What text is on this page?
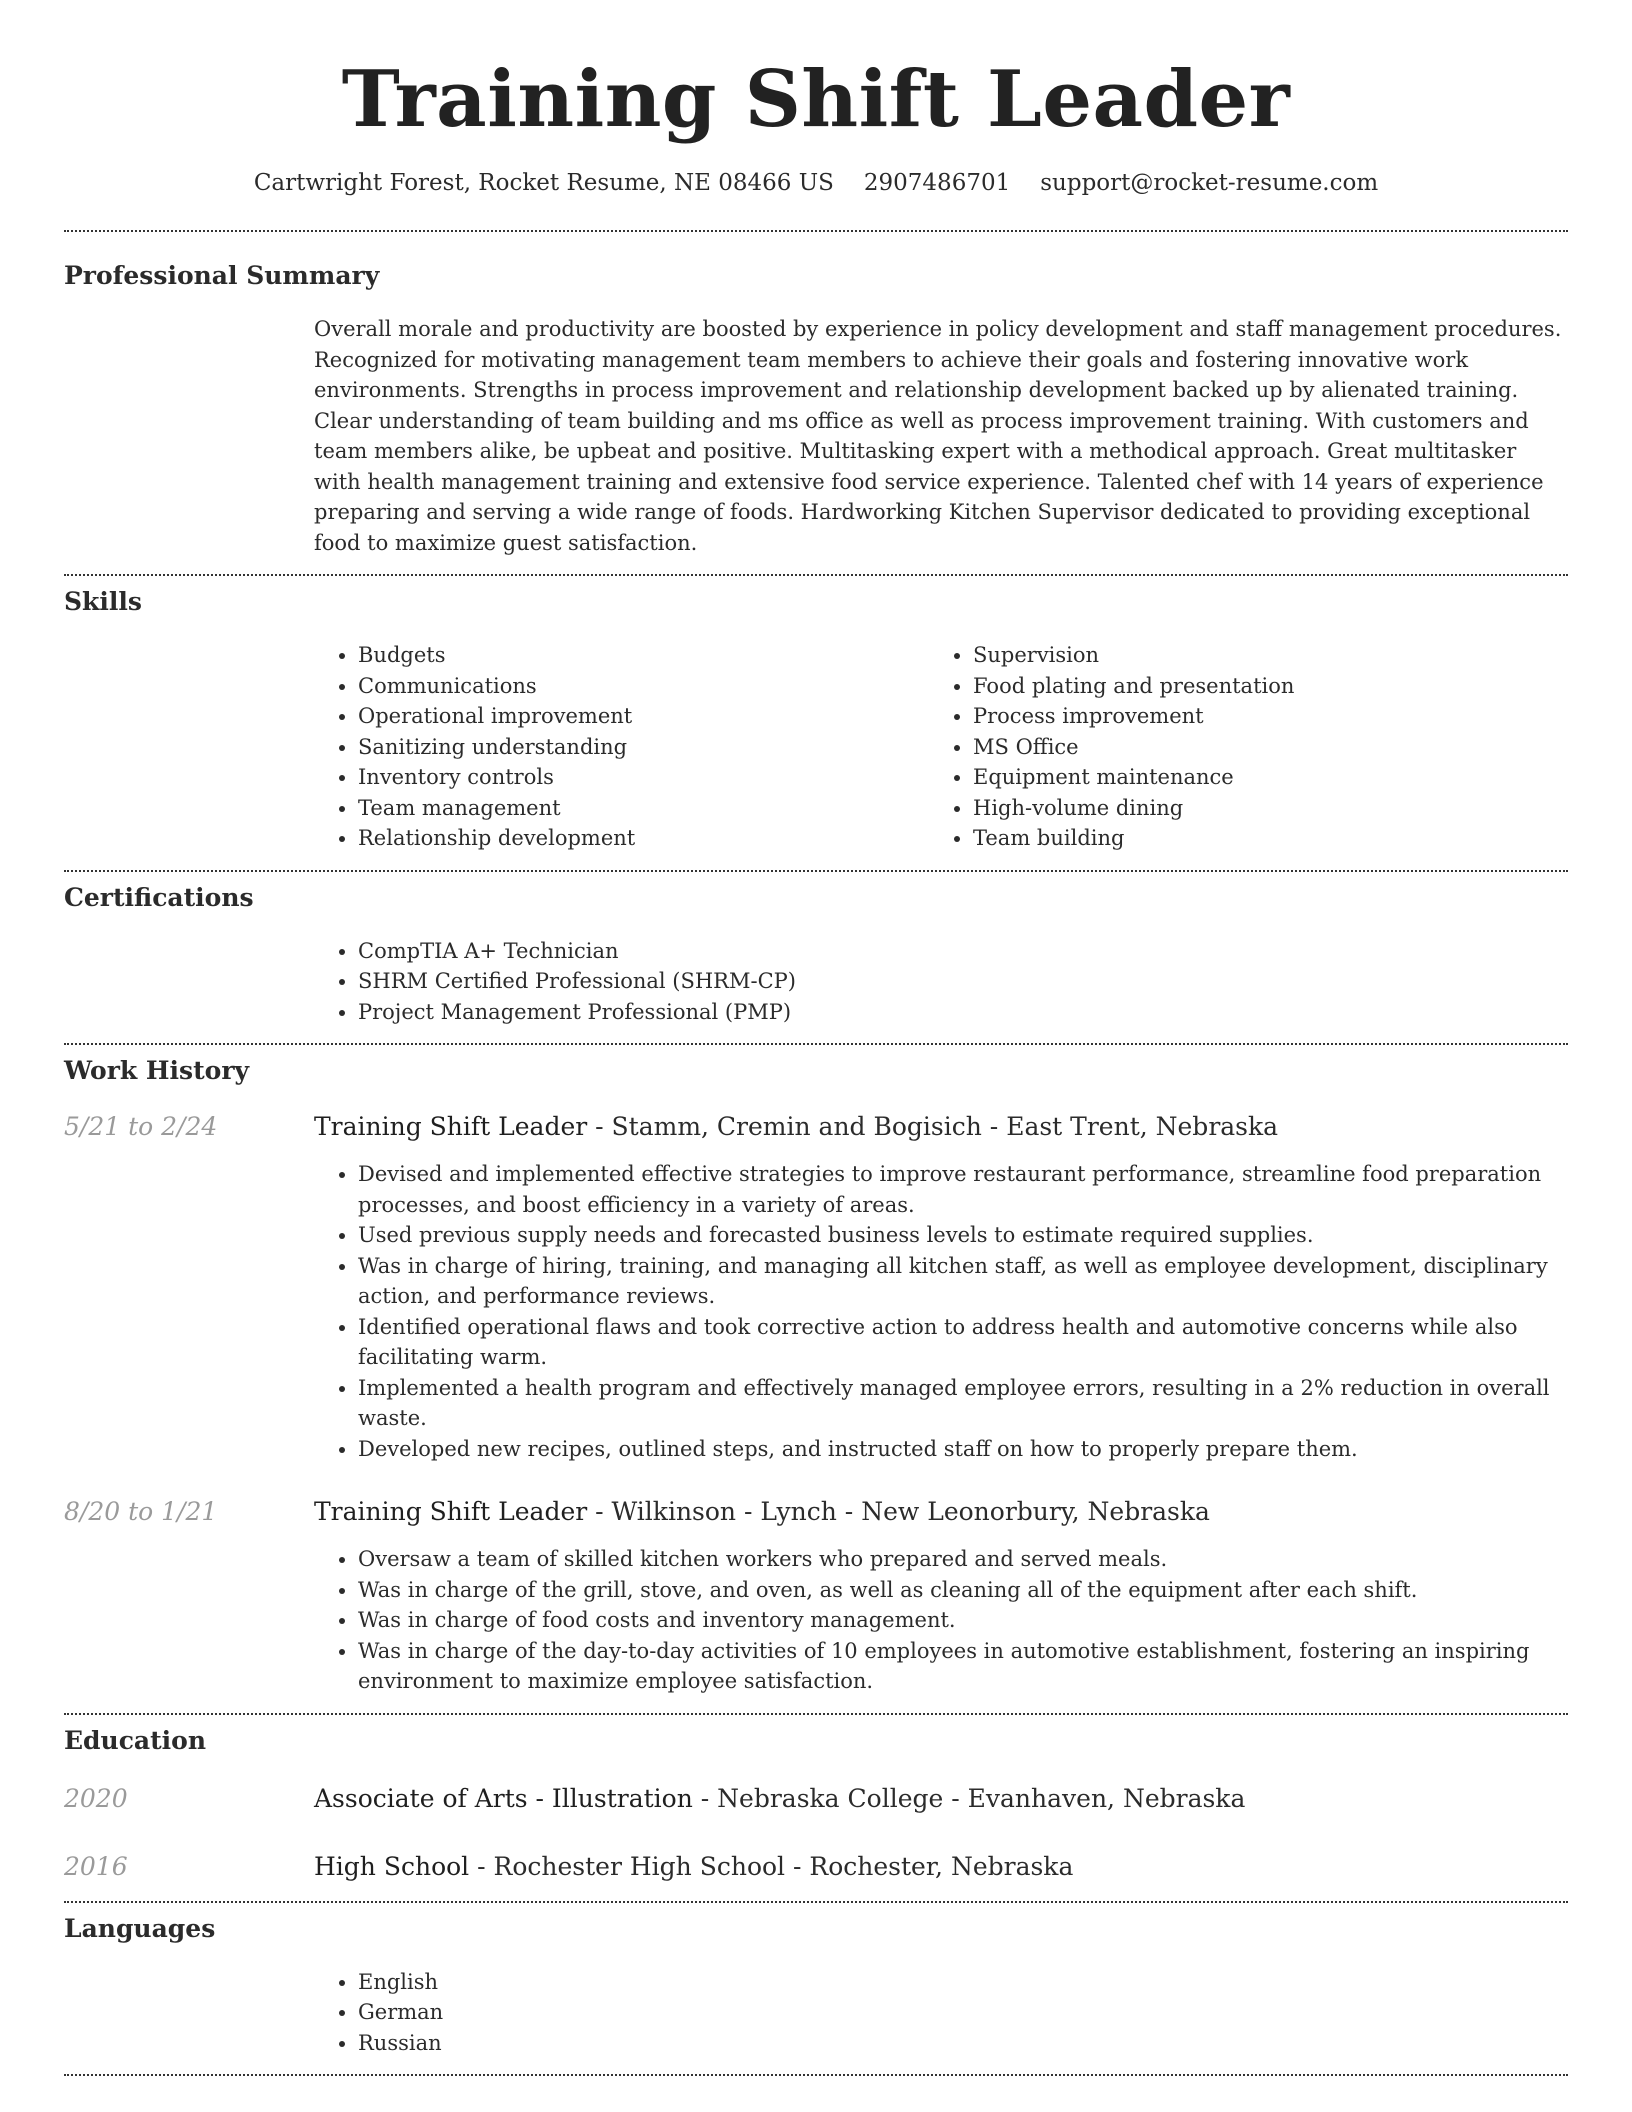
Training Shift Leader
Cartwright Forest, Rocket Resume, NE 08466 US 2907486701 support@rocket-resume.com
Professional Summary

Overall morale and productivity are boosted by experience in policy development and staff management procedures. Recognized for motivating management team members to achieve their goals and fostering innovative work environments. Strengths in process improvement and relationship development backed up by alienated training. Clear understanding of team building and ms office as well as process improvement training. With customers and team members alike, be upbeat and positive. Multitasking expert with a methodical approach. Great multitasker with health management training and extensive food service experience. Talented chef with 14 years of experience preparing and serving a wide range of foods. Hardworking Kitchen Supervisor dedicated to providing exceptional food to maximize guest satisfaction.

Skills
• Budgets
• Communications
• Operational improvement
• Sanitizing understanding
• Inventory controls
• Team management
• Relationship development
• Supervision
• Food plating and presentation
• Process improvement
• MS Office
• Equipment maintenance
• High-volume dining
• Team building
Certifications
• CompTIA A+ Technician
• SHRM Certified Professional (SHRM-CP)
• Project Management Professional (PMP)
Work History
5/21 to 2/24	Training Shift Leader - Stamm, Cremin and Bogisich - East Trent, Nebraska
• Devised and implemented effective strategies to improve restaurant performance, streamline food preparation processes, and boost efficiency in a variety of areas.
• Used previous supply needs and forecasted business levels to estimate required supplies.
• Was in charge of hiring, training, and managing all kitchen staff, as well as employee development, disciplinary action, and performance reviews.
• Identified operational flaws and took corrective action to address health and automotive concerns while also facilitating warm.
• Implemented a health program and effectively managed employee errors, resulting in a 2% reduction in overall waste.
• Developed new recipes, outlined steps, and instructed staff on how to properly prepare them.
8/20 to 1/21	Training Shift Leader - Wilkinson - Lynch - New Leonorbury, Nebraska
• Oversaw a team of skilled kitchen workers who prepared and served meals.
• Was in charge of the grill, stove, and oven, as well as cleaning all of the equipment after each shift.
• Was in charge of food costs and inventory management.
• Was in charge of the day-to-day activities of 10 employees in automotive establishment, fostering an inspiring environment to maximize employee satisfaction.
Education
2020	Associate of Arts - Illustration - Nebraska College - Evanhaven, Nebraska
2016	High School - Rochester High School - Rochester, Nebraska
Languages
• English
• German
• Russian
